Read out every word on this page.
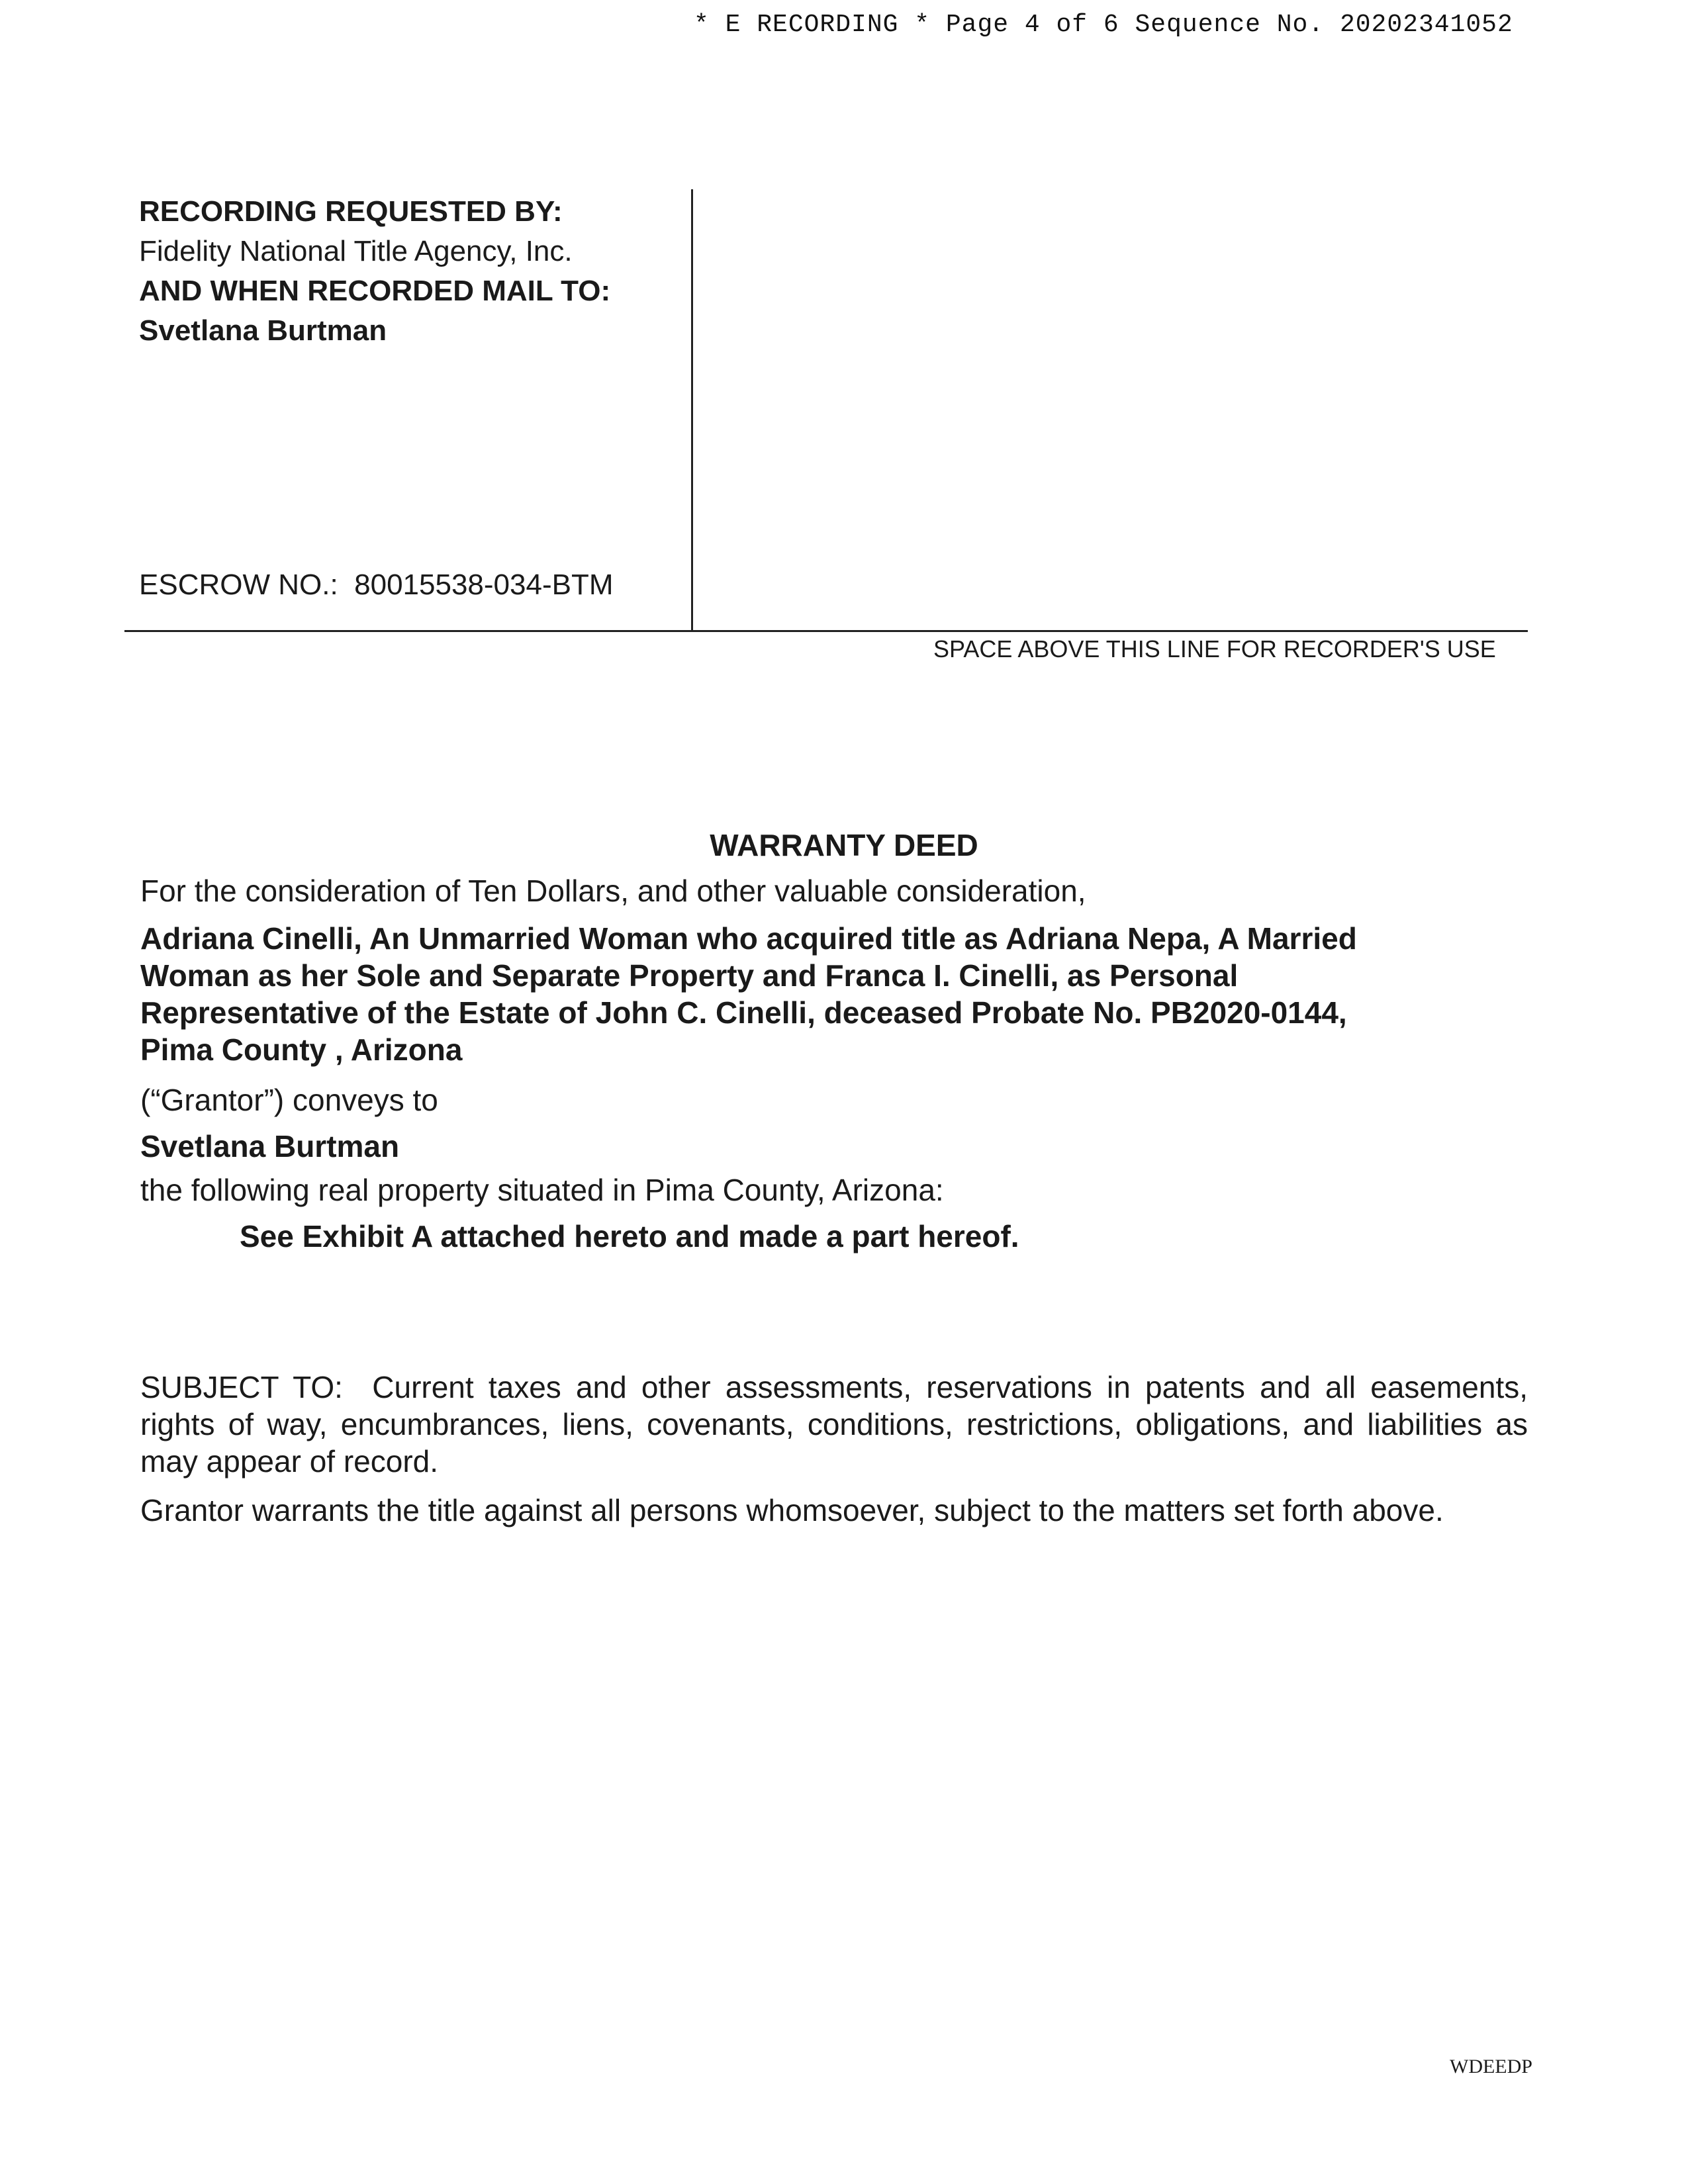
* E RECORDING * Page 4 of 6 Sequence No. 20202341052
RECORDING REQUESTED BY:
Fidelity National Title Agency, Inc.
AND WHEN RECORDED MAIL TO:
Svetlana Burtman
ESCROW NO.: 80015538-034-BTM
SPACE ABOVE THIS LINE FOR RECORDER'S USE
WARRANTY DEED
For the consideration of Ten Dollars, and other valuable consideration,
Adriana Cinelli, An Unmarried Woman who acquired title as Adriana Nepa, A Married
Woman as her Sole and Separate Property and Franca I. Cinelli, as Personal
Representative of the Estate of John C. Cinelli, deceased Probate No. PB2020-0144,
Pima County , Arizona
(“Grantor”) conveys to
Svetlana Burtman
the following real property situated in Pima County, Arizona:
See Exhibit A attached hereto and made a part hereof.
SUBJECT TO:  Current taxes and other assessments, reservations in patents and all easements, rights of way, encumbrances, liens, covenants, conditions, restrictions, obligations, and liabilities as may appear of record.
Grantor warrants the title against all persons whomsoever, subject to the matters set forth above.
WDEEDP
